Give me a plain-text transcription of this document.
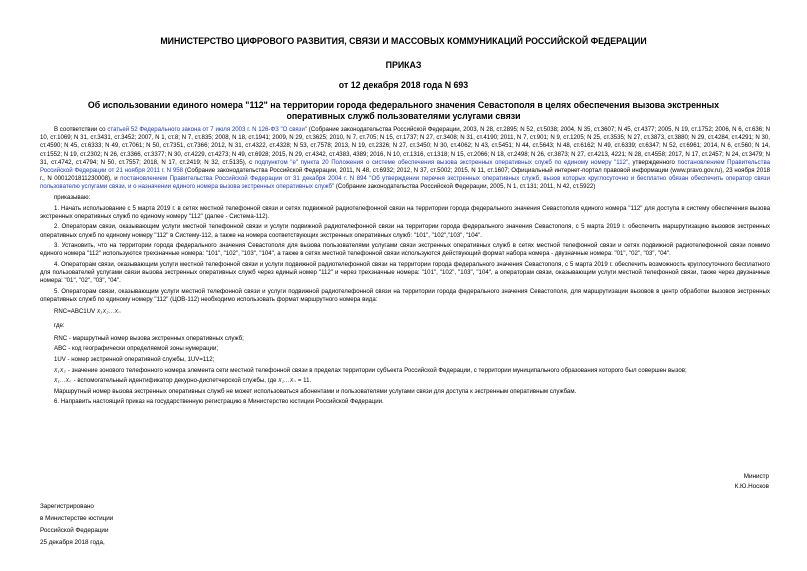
МИНИСТЕРСТВО ЦИФРОВОГО РАЗВИТИЯ, СВЯЗИ И МАССОВЫХ КОММУНИКАЦИЙ РОССИЙСКОЙ ФЕДЕРАЦИИ
ПРИКАЗ
от 12 декабря 2018 года N 693
Об использовании единого номера "112" на территории города федерального значения Севастополя в целях обеспечения вызова экстренных оперативных служб пользователями услугами связи

В соответствии со статьей 52 Федерального закона от 7 июля 2003 г. N 126-ФЗ "О связи" (Собрание законодательства Российской Федерации, 2003, N 28, ст.2895; N 52, ст.5038; 2004, N 35, ст.3607; N 45, ст.4377; 2005, N 19, ст.1752; 2006, N 6, ст.636; N 10, ст.1069; N 31, ст.3431, ст.3452; 2007, N 1, ст.8; N 7, ст.835; 2008, N 18, ст.1941; 2009, N 29, ст.3625; 2010, N 7, ст.705; N 15, ст.1737; N 27, ст.3408; N 31, ст.4190; 2011, N 7, ст.901; N 9, ст.1205; N 25, ст.3535; N 27, ст.3873, ст.3880; N 29, ст.4284, ст.4291; N 30, ст.4590; N 45, ст.6333; N 49, ст.7061; N 50, ст.7351, ст.7366; 2012, N 31, ст.4322, ст.4328; N 53, ст.7578; 2013, N 19, ст.2326; N 27, ст.3450; N 30, ст.4062; N 43, ст.5451; N 44, ст.5643; N 48, ст.6162; N 49, ст.6339; ст.6347; N 52, ст.6961; 2014, N 6, ст.560; N 14, ст.1552; N 19, ст.2302; N 26, ст.3366, ст.3377; N 30, ст.4229, ст.4273; N 49, ст.6928; 2015, N 29, ст.4342, ст.4383, 4389; 2016, N 10, ст.1316, ст.1318; N 15, ст.2066; N 18, ст.2498; N 26, ст.3873; N 27, ст.4213, 4221; N 28, ст.4558; 2017, N 17, ст.2457; N 24, ст.3479; N 31, ст.4742, ст.4794; N 50, ст.7557; 2018, N 17, ст.2419; N 32, ст.5135), с подпунктом "е" пункта 20 Положения о системе обеспечения вызова экстренных оперативных служб по единому номеру "112", утвержденного постановлением Правительства Российской Федерации от 21 ноября 2011 г. N 958 (Собрание законодательства Российской Федерации, 2011, N 48, ст.6932; 2012, N 37, ст.5002; 2015, N 11, ст.1607; Официальный интернет-портал правовой информации (www.pravo.gov.ru), 23 ноября 2018 г., N 0001201811230008), и постановлением Правительства Российской Федерации от 31 декабря 2004 г. N 894 "Об утверждении перечня экстренных оперативных служб, вызов которых круглосуточно и бесплатно обязан обеспечить оператор связи пользователю услугами связи, и о назначении единого номера вызова экстренных оперативных служб" (Собрание законодательства Российской Федерации, 2005, N 1, ст.131; 2011, N 42, ст.5922)

приказываю:

1. Начать использование с 5 марта 2019 г. в сетях местной телефонной связи и сетях подвижной радиотелефонной связи на территории города федерального значения Севастополя единого номера "112" для доступа в систему обеспечения вызова экстренных оперативных служб по единому номеру "112" (далее - Система-112).

2. Операторам связи, оказывающим услуги местной телефонной связи и услуги подвижной радиотелефонной связи на территории города федерального значения Севастополя, с 5 марта 2019 г. обеспечить маршрутизацию вызовов экстренных оперативных служб по единому номеру "112" в Систему-112, а также на номера соответствующих экстренных оперативных служб: "101", "102","103", "104".

3. Установить, что на территории города федерального значения Севастополя для вызова пользователями услугами связи экстренных оперативных служб в сетях местной телефонной связи и сетях подвижной радиотелефонной связи помимо единого номера "112" используются трехзначные номера: "101", "102", "103", "104", а также в сетях местной телефонной связи используются действующий формат набора номера - двузначные номера: "01", "02", "03", "04".

4. Операторам связи, оказывающим услуги местной телефонной связи и услуги подвижной радиотелефонной связи на территории города федерального значения Севастополя, с 5 марта 2019 г. обеспечить возможность круглосуточного бесплатного для пользователей услугами связи вызова экстренных оперативных служб через единый номер "112" и через трехзначные номера: "101", "102", "103", "104", а операторам связи, оказывающим услуги местной телефонной связи, также через двузначные номера: "01", "02", "03", "04".

5. Операторам связи, оказывающим услуги местной телефонной связи и услуги подвижной радиотелефонной связи на территории города федерального значения Севастополя, для маршрутизации вызовов в центр обработки вызовов экстренных оперативных служб по единому номеру "112" (ЦОВ-112) необходимо использовать формат маршрутного номера вида:

RNC=ABC1UV X₁X₂...Xₙ

где:

RNC - маршрутный номер вызова экстренных оперативных служб;

ABC - код географически определяемой зоны нумерации;

1UV - номер экстренной оперативной службы, 1UV=112;

X₁X₂ - значение зонового телефонного номера элемента сети местной телефонной связи в пределах территории субъекта Российской Федерации, с территории муниципального образования которого был совершен вызов;

X₁...Xₙ - вспомогательный идентификатор декурно-диспетчерской службы, где X₁...Xₙ = 11.

Маршрутный номер вызова экстренных оперативных служб не может использоваться абонентами и пользователями услугами связи для доступа к экстренным оперативным службам.

6. Направить настоящий приказ на государственную регистрацию в Министерство юстиции Российской Федерации.

Министр
К.Ю.Носков
Зарегистрировано
в Министерстве юстиции
Российской Федерации
25 декабря 2018 года,
